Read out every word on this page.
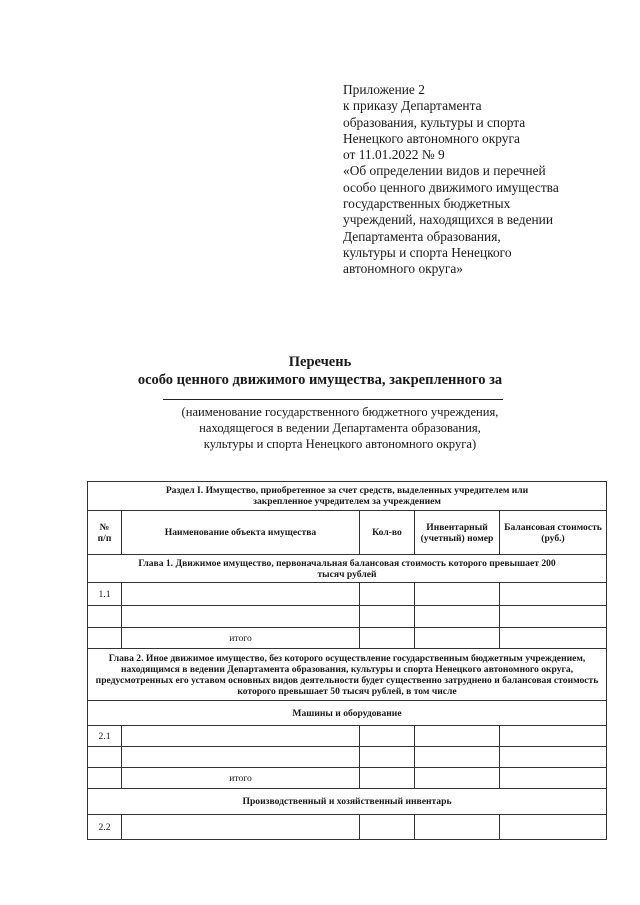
Приложение 2
к приказу Департамента
образования, культуры и спорта
Ненецкого автономного округа
от 11.01.2022 № 9
«Об определении видов и перечней
особо ценного движимого имущества
государственных бюджетных
учреждений, находящихся в ведении
Департамента образования,
культуры и спорта Ненецкого
автономного округа»
Перечень
особо ценного движимого имущества, закрепленного за
(наименование государственного бюджетного учреждения,
находящегося в ведении Департамента образования,
культуры и спорта Ненецкого автономного округа)
Раздел I. Имущество, приобретенное за счет средств, выделенных учредителем или закрепленное учредителем за учреждением				
№ п/п	Наименование объекта имущества	Кол-во	Инвентарный (учетный) номер	Балансовая стоимость (руб.)
Глава 1. Движимое имущество, первоначальная балансовая стоимость которого превышает 200 тысяч рублей				
1.1				

	итого			
Глава 2. Иное движимое имущество, без которого осуществление государственным бюджетным учреждением, находящимся в ведении Департамента образования, культуры и спорта Ненецкого автономного округа, предусмотренных его уставом основных видов деятельности будет существенно затруднено и балансовая стоимость которого превышает 50 тысяч рублей, в том числе				
Машины и оборудование				
2.1				

	итого			
Производственный и хозяйственный инвентарь				
2.2				
